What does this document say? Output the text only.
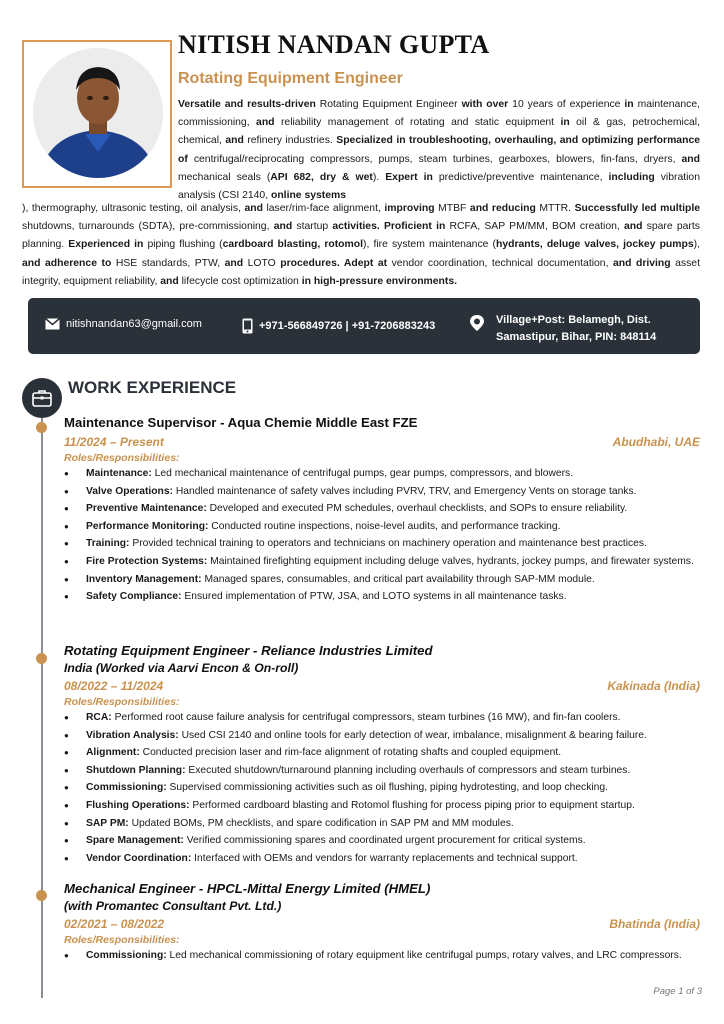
NITISH NANDAN GUPTA
Rotating Equipment Engineer

Versatile and results-driven Rotating Equipment Engineer with over 10 years of experience in maintenance, commissioning, and reliability management of rotating and static equipment in oil & gas, petrochemical, chemical, and refinery industries. Specialized in troubleshooting, overhauling, and optimizing performance of centrifugal/reciprocating compressors, pumps, steam turbines, gearboxes, blowers, fin-fans, dryers, and mechanical seals (API 682, dry & wet). Expert in predictive/preventive maintenance, including vibration analysis (CSI 2140, online systems

), thermography, ultrasonic testing, oil analysis, and laser/rim-face alignment, improving MTBF and reducing MTTR. Successfully led multiple shutdowns, turnarounds (SDTA), pre-commissioning, and startup activities. Proficient in RCFA, SAP PM/MM, BOM creation, and spare parts planning. Experienced in piping flushing (cardboard blasting, rotomol), fire system maintenance (hydrants, deluge valves, jockey pumps), and adherence to HSE standards, PTW, and LOTO procedures. Adept at vendor coordination, technical documentation, and driving asset integrity, equipment reliability, and lifecycle cost optimization in high-pressure environments.

nitishnandan63@gmail.com	+971-566849726 | +91-7206883243	Village+Post: Belamegh, Dist.
Samastipur, Bihar, PIN: 848114
WORK EXPERIENCE
Maintenance Supervisor - Aqua Chemie Middle East FZE
11/2024 – Present	Abudhabi, UAE
Roles/Responsibilities:
● Maintenance: Led mechanical maintenance of centrifugal pumps, gear pumps, compressors, and blowers.
● Valve Operations: Handled maintenance of safety valves including PVRV, TRV, and Emergency Vents on storage tanks.
● Preventive Maintenance: Developed and executed PM schedules, overhaul checklists, and SOPs to ensure reliability.
● Performance Monitoring: Conducted routine inspections, noise-level audits, and performance tracking.
● Training: Provided technical training to operators and technicians on machinery operation and maintenance best practices.
● Fire Protection Systems: Maintained firefighting equipment including deluge valves, hydrants, jockey pumps, and firewater systems.
● Inventory Management: Managed spares, consumables, and critical part availability through SAP-MM module.
● Safety Compliance: Ensured implementation of PTW, JSA, and LOTO systems in all maintenance tasks.
Rotating Equipment Engineer - Reliance Industries Limited
India (Worked via Aarvi Encon & On-roll)
08/2022 – 11/2024	Kakinada (India)
Roles/Responsibilities:
● RCA: Performed root cause failure analysis for centrifugal compressors, steam turbines (16 MW), and fin-fan coolers.
● Vibration Analysis: Used CSI 2140 and online tools for early detection of wear, imbalance, misalignment & bearing failure.
● Alignment: Conducted precision laser and rim-face alignment of rotating shafts and coupled equipment.
● Shutdown Planning: Executed shutdown/turnaround planning including overhauls of compressors and steam turbines.
● Commissioning: Supervised commissioning activities such as oil flushing, piping hydrotesting, and loop checking.
● Flushing Operations: Performed cardboard blasting and Rotomol flushing for process piping prior to equipment startup.
● SAP PM: Updated BOMs, PM checklists, and spare codification in SAP PM and MM modules.
● Spare Management: Verified commissioning spares and coordinated urgent procurement for critical systems.
● Vendor Coordination: Interfaced with OEMs and vendors for warranty replacements and technical support.
Mechanical Engineer - HPCL-Mittal Energy Limited (HMEL)
(with Promantec Consultant Pvt. Ltd.)
02/2021 – 08/2022	Bhatinda (India)
Roles/Responsibilities:
● Commissioning: Led mechanical commissioning of rotary equipment like centrifugal pumps, rotary valves, and LRC compressors.
Page 1 of 3
